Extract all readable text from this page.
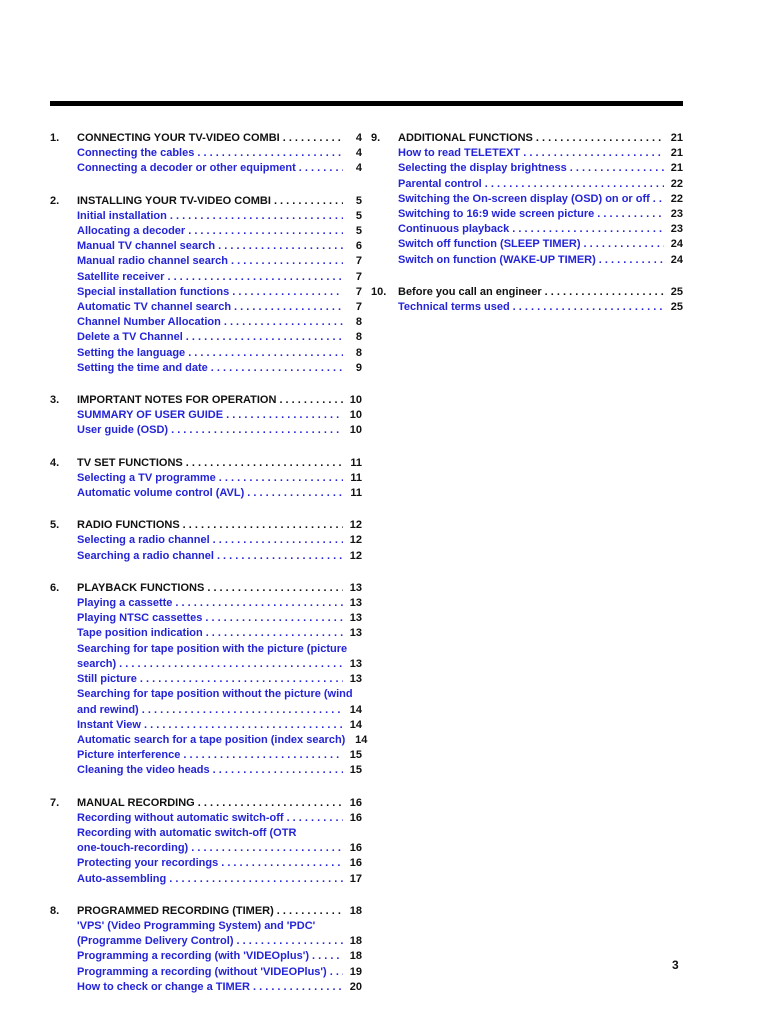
1.	CONNECTING YOUR TV-VIDEO COMBI . . .	4
Connecting the cables . . .	4
Connecting a decoder or other equipment . . .	4
2.	INSTALLING YOUR TV-VIDEO COMBI . . .	5
Initial installation . . .	5
Allocating a decoder . . .	5
Manual TV channel search . . .	6
Manual radio channel search . . .	7
Satellite receiver . . .	7
Special installation functions . . .	7
Automatic TV channel search . . .	7
Channel Number Allocation . . .	8
Delete a TV Channel . . .	8
Setting the language . . .	8
Setting the time and date . . .	9
3.	IMPORTANT NOTES FOR OPERATION . . .	10
SUMMARY OF USER GUIDE . . .	10
User guide (OSD) . . .	10
4.	TV SET FUNCTIONS . . .	11
Selecting a TV programme . . .	11
Automatic volume control (AVL) . . .	11
5.	RADIO FUNCTIONS . . .	12
Selecting a radio channel . . .	12
Searching a radio channel . . .	12
6.	PLAYBACK FUNCTIONS . . .	13
Playing a cassette . . .	13
Playing NTSC cassettes . . .	13
Tape position indication . . .	13
Searching for tape position with the picture (picture
search) . . .	13
Still picture . . .	13
Searching for tape position without the picture (wind
and rewind) . . .	14
Instant View . . .	14
Automatic search for a tape position (index search) 14
Picture interference . . .	15
Cleaning the video heads . . .	15
7.	MANUAL RECORDING . . .	16
Recording without automatic switch-off . . .	16
Recording with automatic switch-off (OTR
one-touch-recording) . . .	16
Protecting your recordings . . .	16
Auto-assembling . . .	17
8.	PROGRAMMED RECORDING (TIMER) . . .	18
'VPS' (Video Programming System) and 'PDC'
(Programme Delivery Control) . . .	18
Programming a recording (with 'VIDEOplus') . . .	18
Programming a recording (without 'VIDEOPlus') . . .	19
How to check or change a TIMER . . .	20
9.	ADDITIONAL FUNCTIONS . . .	21
How to read TELETEXT . . .	21
Selecting the display brightness . . .	21
Parental control . . .	22
Switching the On-screen display (OSD) on or off . . .	22
Switching to 16:9 wide screen picture . . .	23
Continuous playback . . .	23
Switch off function (SLEEP TIMER) . . .	24
Switch on function (WAKE-UP TIMER) . . .	24
10.	Before you call an engineer . . .	25
Technical terms used . . .	25
3
